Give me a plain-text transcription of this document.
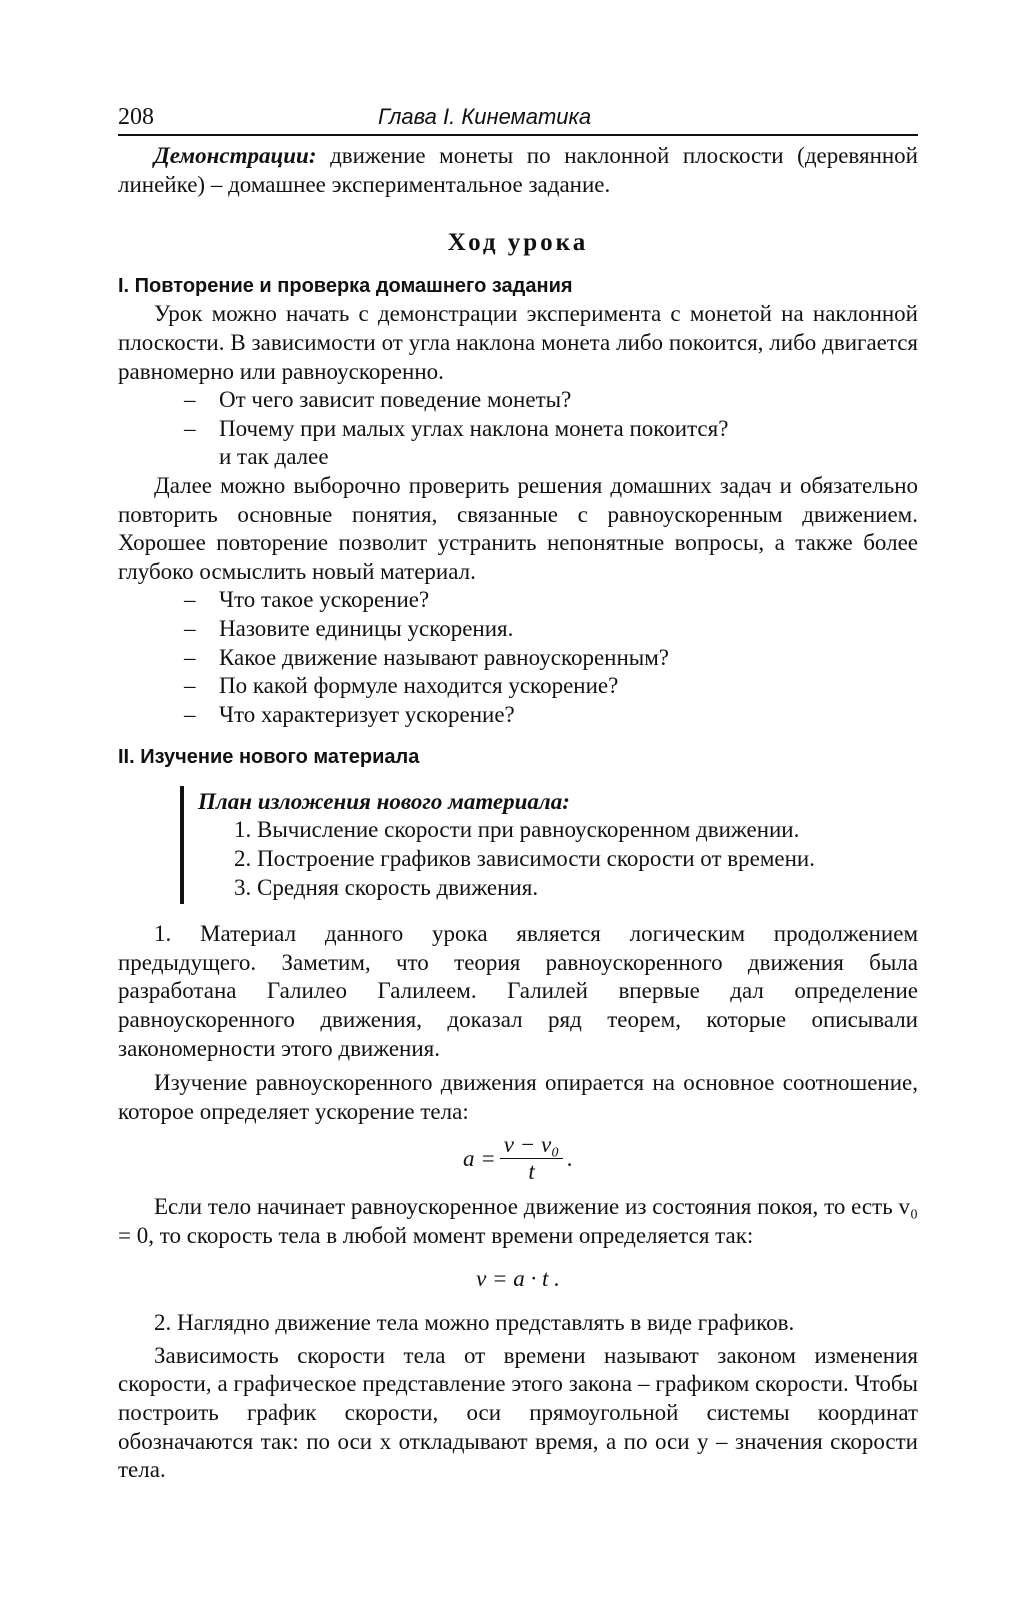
208	Глава I. Кинематика

Демонстрации: движение монеты по наклонной плоскости (деревянной линейке) – домашнее экспериментальное задание.

Ход урока
I. Повторение и проверка домашнего задания

Урок можно начать с демонстрации эксперимента с монетой на наклонной плоскости. В зависимости от угла наклона монета либо покоится, либо двигается равномерно или равноускоренно.

– От чего зависит поведение монеты?
– Почему при малых углах наклона монета покоится?
и так далее

Далее можно выборочно проверить решения домашних задач и обязательно повторить основные понятия, связанные с равноускоренным движением. Хорошее повторение позволит устранить непонятные вопросы, а также более глубоко осмыслить новый материал.

– Что такое ускорение?
– Назовите единицы ускорения.
– Какое движение называют равноускоренным?
– По какой формуле находится ускорение?
– Что характеризует ускорение?
II. Изучение нового материала
План изложения нового материала:
1. Вычисление скорости при равноускоренном движении.
2. Построение графиков зависимости скорости от времени.
3. Средняя скорость движения.

1. Материал данного урока является логическим продолжением предыдущего. Заметим, что теория равноускоренного движения была разработана Галилео Галилеем. Галилей впервые дал определение равноускоренного движения, доказал ряд теорем, которые описывали закономерности этого движения.

Изучение равноускоренного движения опирается на основное соотношение, которое определяет ускорение тела:

$a = \frac{\text{v − v₀}}{t}$ .

Если тело начинает равноускоренное движение из состояния покоя, то есть v₀ = 0, то скорость тела в любой момент времени определяется так:

v = a · t .

2. Наглядно движение тела можно представлять в виде графиков.

Зависимость скорости тела от времени называют законом изменения скорости, а графическое представление этого закона – графиком скорости. Чтобы построить график скорости, оси прямоугольной системы координат обозначаются так: по оси x откладывают время, а по оси y – значения скорости тела.
